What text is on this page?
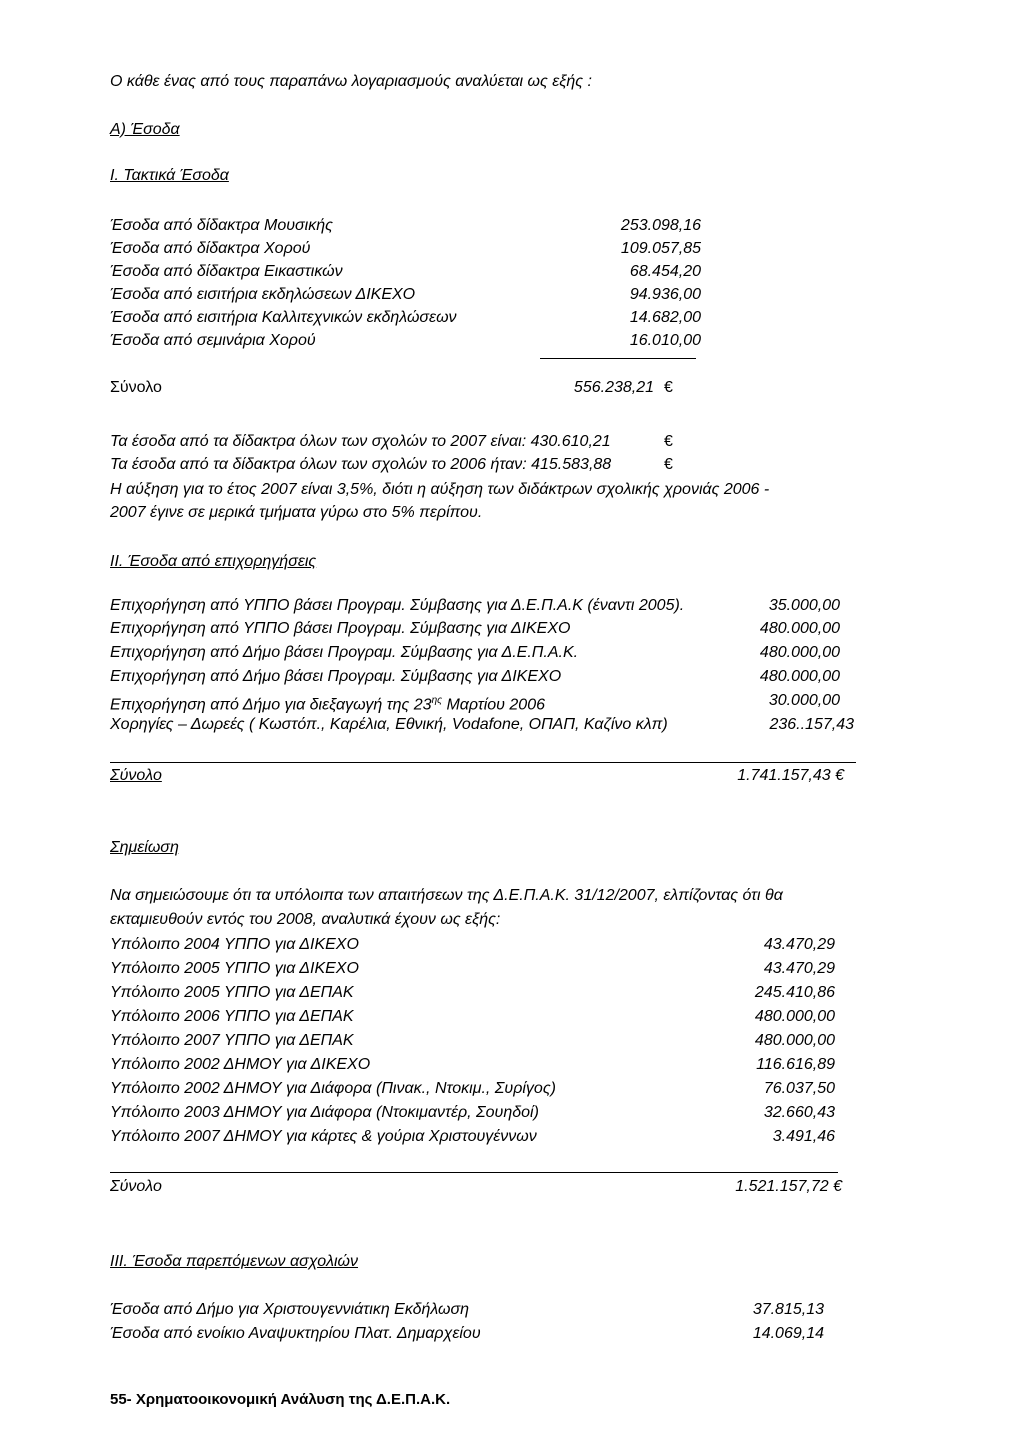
Ο κάθε ένας από τους παραπάνω λογαριασμούς αναλύεται ως εξής :
Α) Έσοδα
Ι. Τακτικά Έσοδα
Έσοδα από δίδακτρα Μουσικής	253.098,16
Έσοδα από δίδακτρα Χορού	109.057,85
Έσοδα από δίδακτρα Εικαστικών	68.454,20
Έσοδα από εισιτήρια εκδηλώσεων ΔΙΚΕΧΟ	94.936,00
Έσοδα από εισιτήρια Καλλιτεχνικών εκδηλώσεων	14.682,00
Έσοδα από σεμινάρια Χορού	16.010,00
Σύνολο	556.238,21 €
Τα έσοδα από τα δίδακτρα όλων των σχολών το 2007 είναι: 430.610,21	€
Τα έσοδα από τα δίδακτρα όλων των σχολών το 2006 ήταν: 415.583,88	€
Η αύξηση για το έτος 2007 είναι 3,5%, διότι η αύξηση των διδάκτρων σχολικής χρονιάς 2006 -
2007 έγινε σε μερικά τμήματα γύρω στο 5% περίπου.
ΙΙ. Έσοδα από επιχορηγήσεις
Επιχορήγηση από ΥΠΠΟ βάσει Προγραμ. Σύμβασης για Δ.Ε.Π.Α.Κ (έναντι 2005).	35.000,00
Επιχορήγηση από ΥΠΠΟ βάσει Προγραμ. Σύμβασης για ΔΙΚΕΧΟ	480.000,00
Επιχορήγηση από Δήμο βάσει Προγραμ. Σύμβασης για Δ.Ε.Π.Α.Κ.	480.000,00
Επιχορήγηση από Δήμο βάσει Προγραμ. Σύμβασης για ΔΙΚΕΧΟ	480.000,00
Επιχορήγηση από Δήμο για διεξαγωγή της $23^{\eta\varsigma}$ Μαρτίου 2006	30.000,00
Χορηγίες – Δωρεές ( Κωστόπ., Καρέλια, Εθνική, Vodafone, ΟΠΑΠ, Καζίνο κλπ)	236..157,43
Σύνολο	1.741.157,43 €
Σημείωση
Να σημειώσουμε ότι τα υπόλοιπα των απαιτήσεων της Δ.Ε.Π.Α.Κ. 31/12/2007, ελπίζοντας ότι θα
εκταμιευθούν εντός του 2008, αναλυτικά έχουν ως εξής:
Υπόλοιπο 2004 ΥΠΠΟ για ΔΙΚΕΧΟ	43.470,29
Υπόλοιπο 2005 ΥΠΠΟ για ΔΙΚΕΧΟ	43.470,29
Υπόλοιπο 2005 ΥΠΠΟ για ΔΕΠΑΚ	245.410,86
Υπόλοιπο 2006 ΥΠΠΟ για ΔΕΠΑΚ	480.000,00
Υπόλοιπο 2007 ΥΠΠΟ για ΔΕΠΑΚ	480.000,00
Υπόλοιπο 2002 ΔΗΜΟΥ για ΔΙΚΕΧΟ	116.616,89
Υπόλοιπο 2002 ΔΗΜΟΥ για Διάφορα (Πινακ., Ντοκιμ., Συρίγος)	76.037,50
Υπόλοιπο 2003 ΔΗΜΟΥ για Διάφορα (Ντοκιμαντέρ, Σουηδοί)	32.660,43
Υπόλοιπο 2007 ΔΗΜΟΥ για κάρτες & γούρια Χριστουγέννων	3.491,46
Σύνολο	1.521.157,72 €
ΙΙΙ. Έσοδα παρεπόμενων ασχολιών
Έσοδα από Δήμο για Χριστουγεννιάτικη Εκδήλωση	37.815,13
Έσοδα από ενοίκιο Αναψυκτηρίου Πλατ. Δημαρχείου	14.069,14
55- Χρηματοοικονομική Ανάλυση της Δ.Ε.Π.Α.Κ.
